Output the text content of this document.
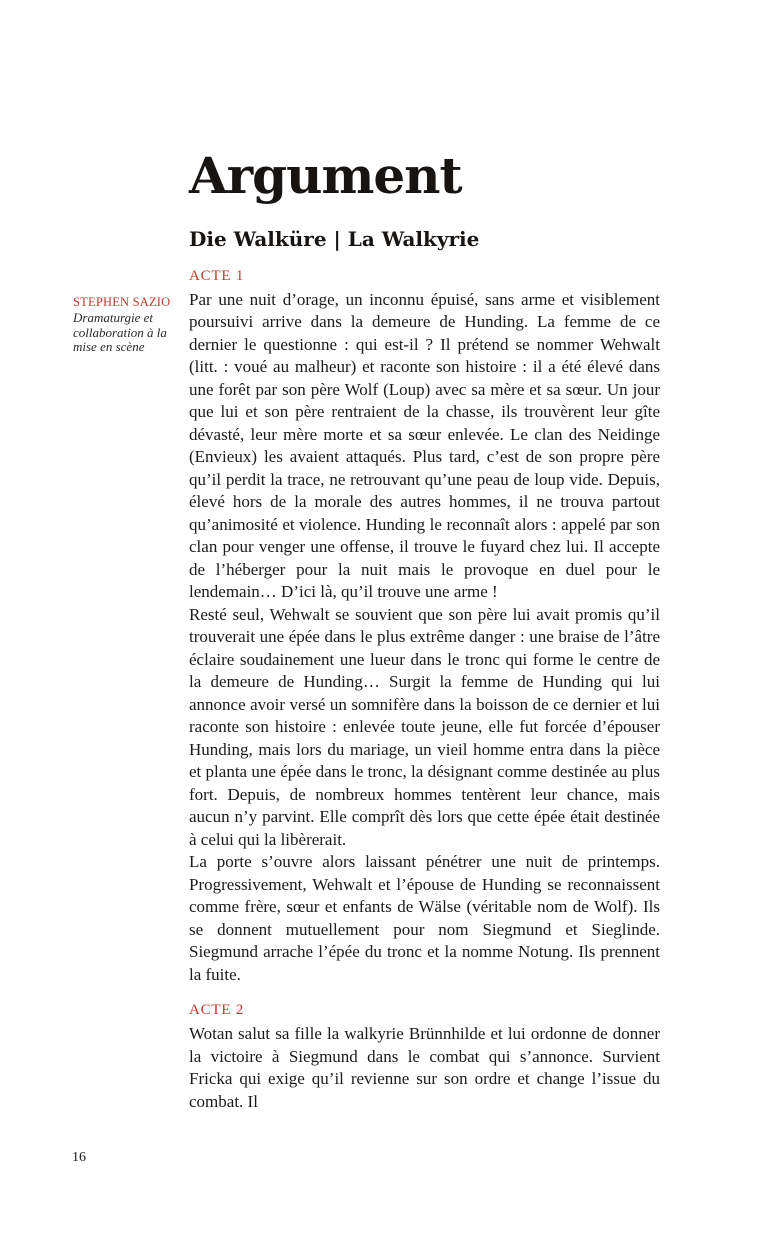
STEPHEN SAZIO
Dramaturgie et collaboration à la mise en scène
Argument
Die Walküre | La Walkyrie
ACTE 1

Par une nuit d’orage, un inconnu épuisé, sans arme et visiblement poursuivi arrive dans la demeure de Hunding. La femme de ce dernier le questionne : qui est-il ? Il prétend se nommer Wehwalt (litt. : voué au malheur) et raconte son histoire : il a été élevé dans une forêt par son père Wolf (Loup) avec sa mère et sa sœur. Un jour que lui et son père rentraient de la chasse, ils trouvèrent leur gîte dévasté, leur mère morte et sa sœur enlevée. Le clan des Neidinge (Envieux) les avaient attaqués. Plus tard, c’est de son propre père qu’il perdit la trace, ne retrouvant qu’une peau de loup vide. Depuis, élevé hors de la morale des autres hommes, il ne trouva partout qu’animosité et violence. Hunding le reconnaît alors : appelé par son clan pour venger une offense, il trouve le fuyard chez lui. Il accepte de l’héberger pour la nuit mais le provoque en duel pour le lendemain… D’ici là, qu’il trouve une arme !

Resté seul, Wehwalt se souvient que son père lui avait promis qu’il trouverait une épée dans le plus extrême danger : une braise de l’âtre éclaire soudainement une lueur dans le tronc qui forme le centre de la demeure de Hunding… Surgit la femme de Hunding qui lui annonce avoir versé un somnifère dans la boisson de ce dernier et lui raconte son histoire : enlevée toute jeune, elle fut forcée d’épouser Hunding, mais lors du mariage, un vieil homme entra dans la pièce et planta une épée dans le tronc, la désignant comme destinée au plus fort. Depuis, de nombreux hommes tentèrent leur chance, mais aucun n’y parvint. Elle comprît dès lors que cette épée était destinée à celui qui la libèrerait.

La porte s’ouvre alors laissant pénétrer une nuit de printemps. Progressivement, Wehwalt et l’épouse de Hunding se reconnaissent comme frère, sœur et enfants de Wälse (véritable nom de Wolf). Ils se donnent mutuellement pour nom Siegmund et Sieglinde. Siegmund arrache l’épée du tronc et la nomme Notung. Ils prennent la fuite.

ACTE 2

Wotan salut sa fille la walkyrie Brünnhilde et lui ordonne de donner la victoire à Siegmund dans le combat qui s’annonce. Survient Fricka qui exige qu’il revienne sur son ordre et change l’issue du combat. Il

16
